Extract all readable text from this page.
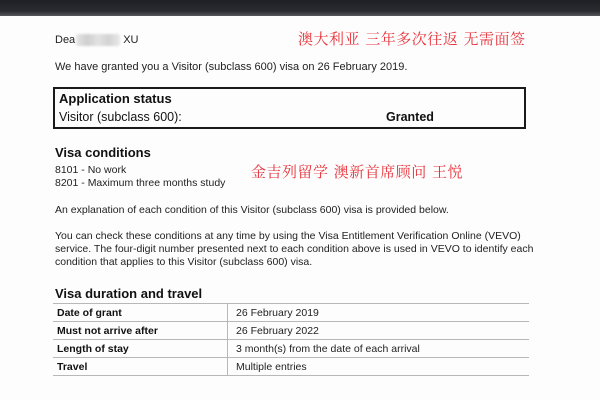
Dea	XU	澳大利亚 三年多次往返 无需面签
We have granted you a Visitor (subclass 600) visa on 26 February 2019.
Application status
Visitor (subclass 600):	Granted
Visa conditions
金吉列留学 澳新首席顾问 王悦
8101 - No work
8201 - Maximum three months study
An explanation of each condition of this Visitor (subclass 600) visa is provided below.
You can check these conditions at any time by using the Visa Entitlement Verification Online (VEVO) service. The four-digit number presented next to each condition above is used in VEVO to identify each condition that applies to this Visitor (subclass 600) visa.
Visa duration and travel
Date of grant	26 February 2019
Must not arrive after	26 February 2022
Length of stay	3 month(s) from the date of each arrival
Travel	Multiple entries
